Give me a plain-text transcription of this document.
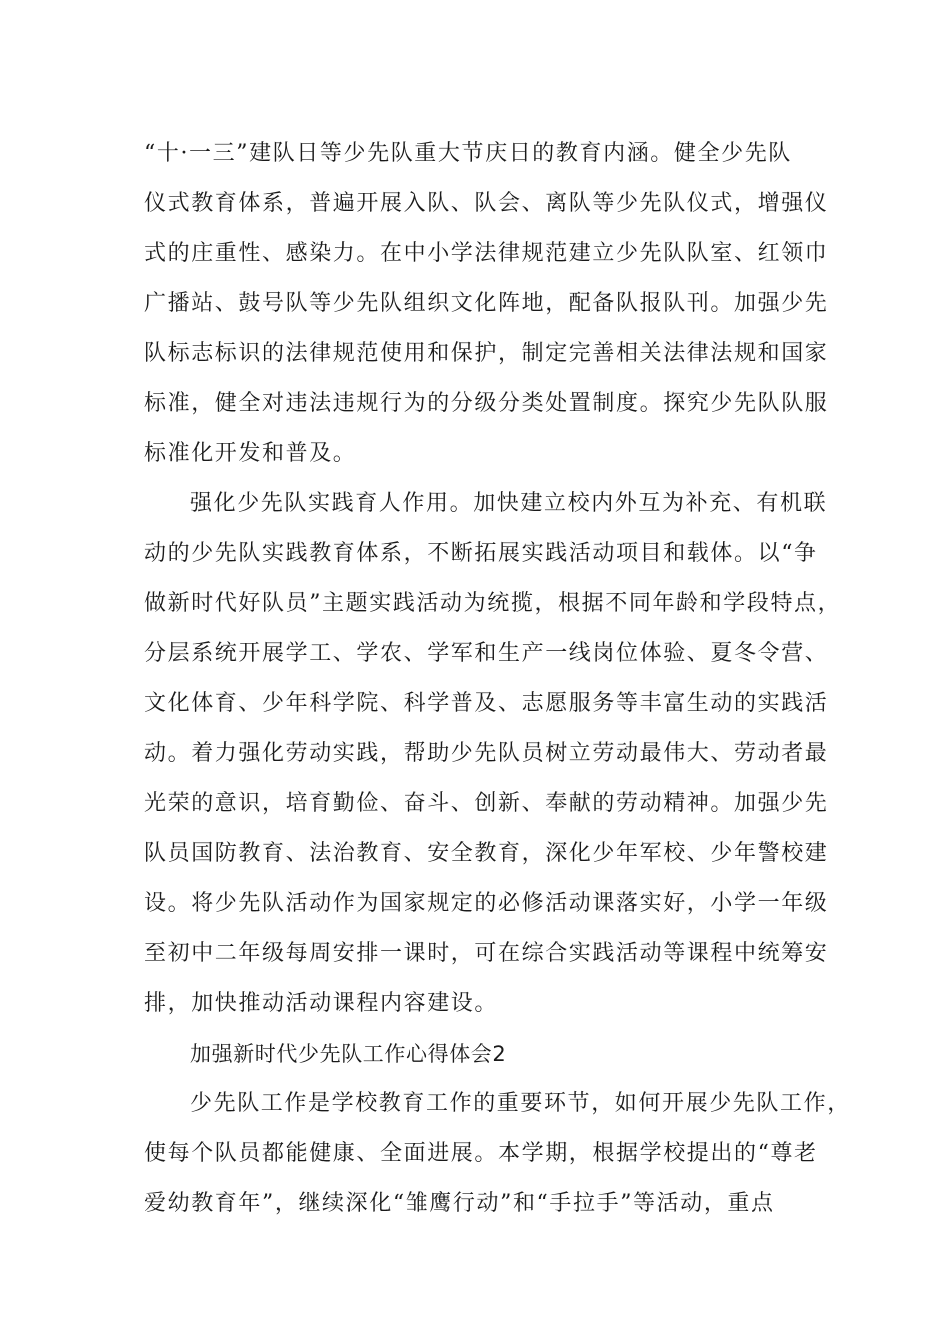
“十·一三”建队日等少先队重大节庆日的教育内涵。健全少先队
仪式教育体系，普遍开展入队、队会、离队等少先队仪式，增强仪
式的庄重性、感染力。在中小学法律规范建立少先队队室、红领巾
广播站、鼓号队等少先队组织文化阵地，配备队报队刊。加强少先
队标志标识的法律规范使用和保护，制定完善相关法律法规和国家
标准，健全对违法违规行为的分级分类处置制度。探究少先队队服
标准化开发和普及。
强化少先队实践育人作用。加快建立校内外互为补充、有机联
动的少先队实践教育体系，不断拓展实践活动项目和载体。以“争
做新时代好队员”主题实践活动为统揽，根据不同年龄和学段特点，
分层系统开展学工、学农、学军和生产一线岗位体验、夏冬令营、
文化体育、少年科学院、科学普及、志愿服务等丰富生动的实践活
动。着力强化劳动实践，帮助少先队员树立劳动最伟大、劳动者最
光荣的意识，培育勤俭、奋斗、创新、奉献的劳动精神。加强少先
队员国防教育、法治教育、安全教育，深化少年军校、少年警校建
设。将少先队活动作为国家规定的必修活动课落实好，小学一年级
至初中二年级每周安排一课时，可在综合实践活动等课程中统筹安
排，加快推动活动课程内容建设。
加强新时代少先队工作心得体会2
少先队工作是学校教育工作的重要环节，如何开展少先队工作，
使每个队员都能健康、全面进展。本学期，根据学校提出的“尊老
爱幼教育年”，继续深化“雏鹰行动”和“手拉手”等活动，重点
